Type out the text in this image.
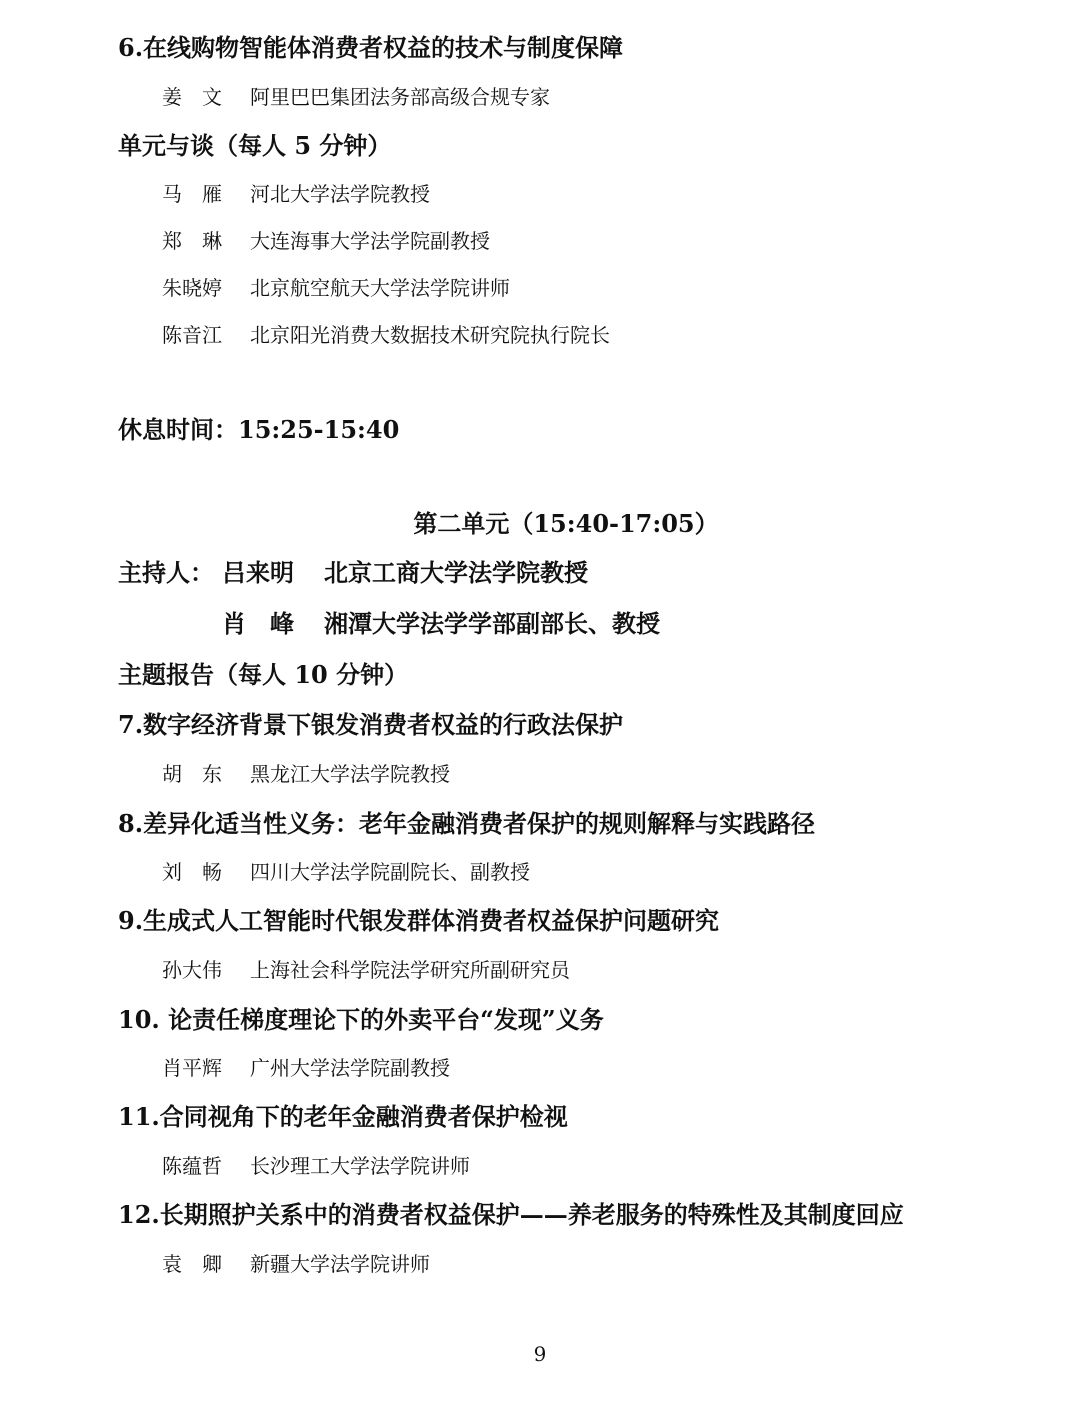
6.在线购物智能体消费者权益的技术与制度保障
姜　文 阿里巴巴集团法务部高级合规专家
单元与谈（每人 5 分钟）
马　雁 河北大学法学院教授
郑　琳 大连海事大学法学院副教授
朱晓婷 北京航空航天大学法学院讲师
陈音江 北京阳光消费大数据技术研究院执行院长
休息时间：15:25-15:40
第二单元（15:40-17:05）
主持人： 吕来明 北京工商大学法学院教授
肖　峰 湘潭大学法学学部副部长、教授
主题报告（每人 10 分钟）
7.数字经济背景下银发消费者权益的行政法保护
胡　东 黑龙江大学法学院教授
8.差异化适当性义务：老年金融消费者保护的规则解释与实践路径
刘　畅 四川大学法学院副院长、副教授
9.生成式人工智能时代银发群体消费者权益保护问题研究
孙大伟 上海社会科学院法学研究所副研究员
10. 论责任梯度理论下的外卖平台“发现”义务
肖平辉 广州大学法学院副教授
11.合同视角下的老年金融消费者保护检视
陈蕴哲 长沙理工大学法学院讲师
12.长期照护关系中的消费者权益保护——养老服务的特殊性及其制度回应
袁　卿 新疆大学法学院讲师
9
